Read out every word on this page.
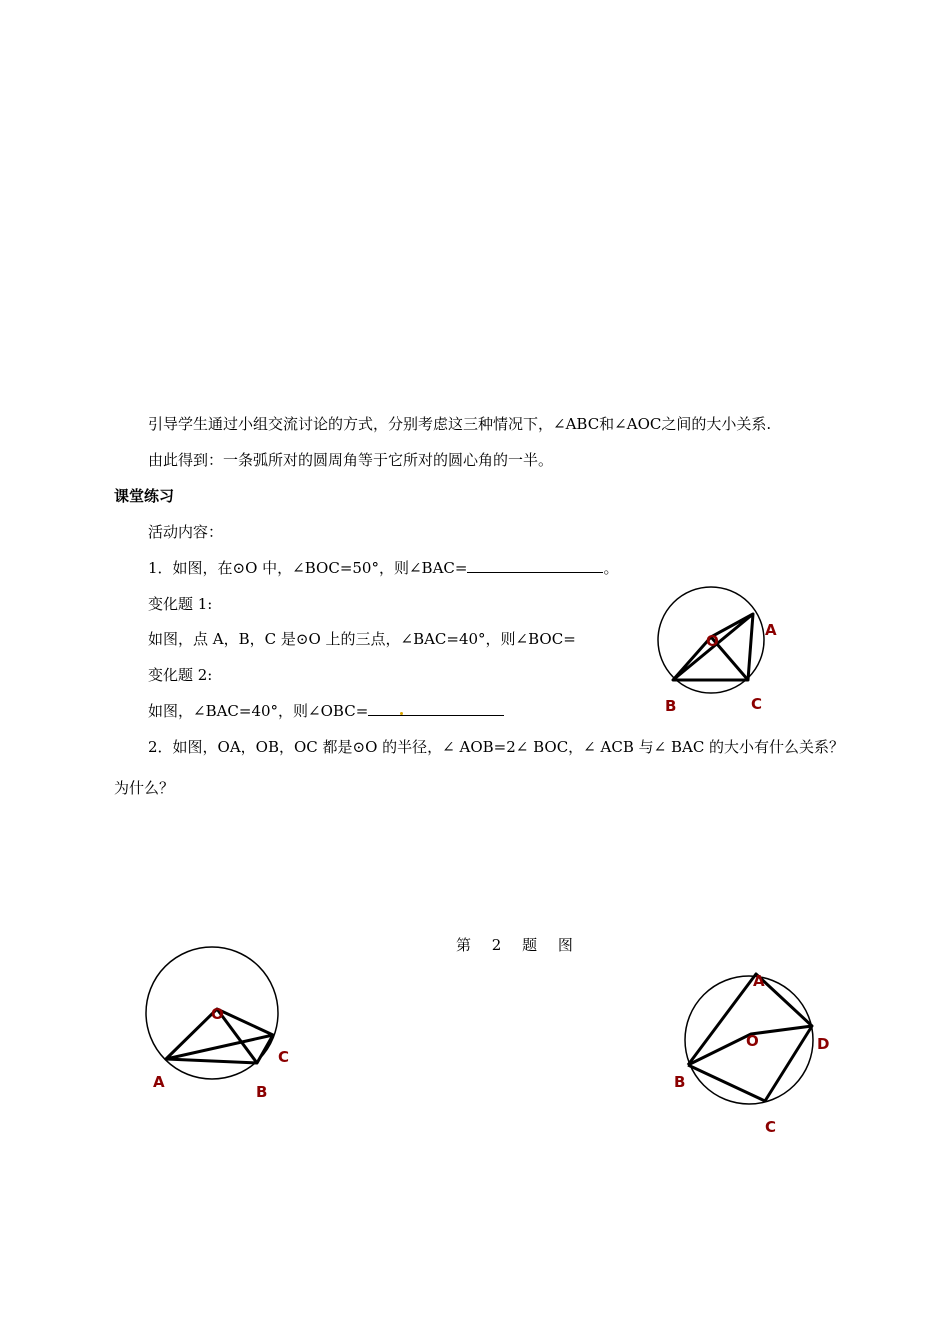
引导学生通过小组交流讨论的方式，分别考虑这三种情况下，∠ABC和∠AOC之间的大小关系.
由此得到：一条弧所对的圆周角等于它所对的圆心角的一半。
课堂练习
活动内容：
1．如图，在⊙O 中，∠BOC=50°，则∠BAC=	。
变化题 1:
如图，点 A，B，C 是⊙O 上的三点，∠BAC=40°，则∠BOC=
变化题 2:
如图，∠BAC=40°，则∠OBC=
2．如图，OA，OB，OC 都是⊙O 的半径，∠ AOB=2∠ BOC，∠ ACB 与∠ BAC 的大小有什么关系？
为什么？
第 2 题 图
O
A
B	C
O
C
A
B
O
A
D
B
C
